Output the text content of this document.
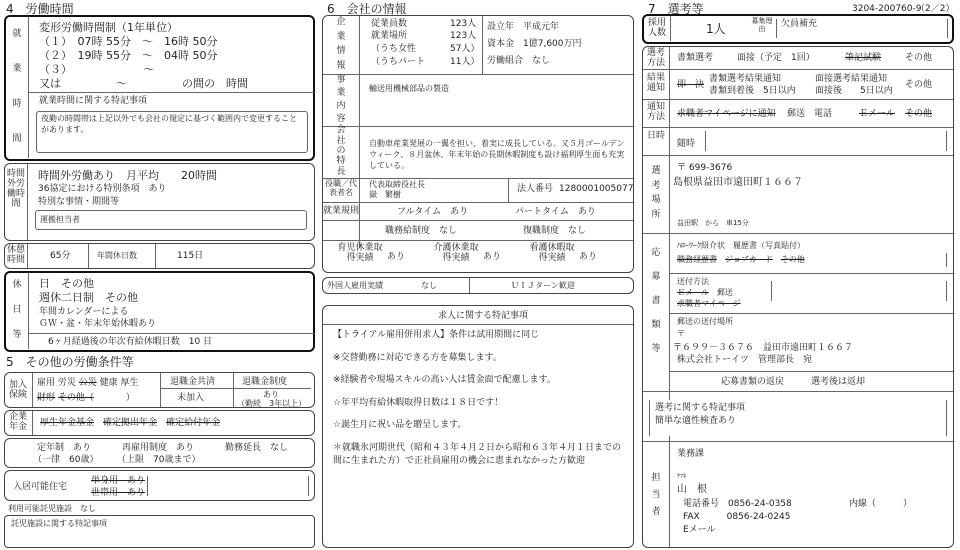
4　労働時間
就
業
時
間
変形労働時間制（1年単位）
（１）　07時 55分　～　16時 50分
（２）　19時 55分　～　04時 50分
（３）　　　　　　　～
又は　　　　　～　　　　　の間の　時間
就業時間に関する特記事項
夜勤の時間帯は上記以外でも会社の規定に基づく範囲内で変更することがあります。
時間外労働時間
時間外労働あり　月平均　　20時間
36協定における特別条項　あり
特別な事情・期間等
運搬担当者
休憩時間	65分	年間休日数	115日
休
日
等
日　その他
週休二日制　その他
年間カレンダーによる
ＧＷ・盆・年末年始休暇あり
6ヶ月経過後の年次有給休暇日数　10 日
5　その他の労働条件等
加入保険
雇用 労災 公災 健康 厚生
財形 その他（	）
退職金共済
未加入
退職金制度
あり
（勤続　3年以上）
企業年金	厚生年金基金　 確定拠出年金　 確定給付年金
定年制　あり
（一律　60歳）
再雇用制度　あり
（上限　70歳まで）
勤務延長　なし
入居可能住宅
単身用　あり
世帯用　あり
利用可能託児施設　なし
託児施設に関する特記事項
6　会社の情報
企
業
情
報
従業員数	123人
就業場所	123人
（うち女性	57人）
（うちパート	11人）
設立年　平成元年
資本金　1億7,600万円
労働組合　なし
事
業
内
容
輸送用機械部品の製造
会
社
の
特
長
自動車産業発展の一翼を担い、着実に成長している。又５月ゴールデンウィーク、８月盆休、年末年始の長期休暇制度も設け福利厚生面も充実している。
役職／代表者名
代表取締役社長
嶽　繁樹
法人番号 1280001005077
就業規則	フルタイム　あり	パートタイム　あり
職務給制度　なし	復職制度　なし
育児休業取得実績	あり
介護休業取得実績	あり
看護休暇取得実績	あり
外国人雇用実績	なし	ＵＩＪターン歓迎
求人に関する特記事項
【トライアル雇用併用求人】条件は試用期間に同じ
※交替勤務に対応できる方を募集します。
※経験者や現場スキルの高い人は賃金面で配慮します。
☆年平均有給休暇取得日数は１８日です！
☆誕生月に祝い品を贈呈します。
＊就職氷河期世代（昭和４３年４月２日から昭和６３年４月１日までの間に生まれた方）で正社員雇用の機会に恵まれなかった方歓迎
7　選考等	3204-200760-9
（2／2）
採用人数	1人
募集理由	欠員補充
選考方法	書類選考	面接（予定　1回）	筆記試験	その他
結果通知	即　決
書類選考結果通知
書類到着後　5日以内
面接選考結果通知
面接後　　5日以内
その他
通知方法	求職者マイページに通知 郵送　電話	Ｅメール その他
日時
随時
選
考
場
所
〒 699-3676
島根県益田市遠田町１６６７
益田駅　から　車15分
応
募
書
類
等
ﾊﾛｰﾜｰｸ紹介状　履歴書（写真貼付）
職務経歴書　 ジョブカード　 その他
送付方法
Ｅメール　 郵送
求職者マイページ
郵送の送付場所
〒
〒６９９－３６７６　益田市遠田町１６６７
株式会社トーイツ　管理部長　宛
応募書類の返戻　　　選考後は返却
選考に関する特記事項
簡単な適性検査あり
担
当
者
業務課
ﾔﾏﾈ
山　根
電話番号　0856-24-0358	内線（　　　）
FAX　　　0856-24-0245
Eメール
